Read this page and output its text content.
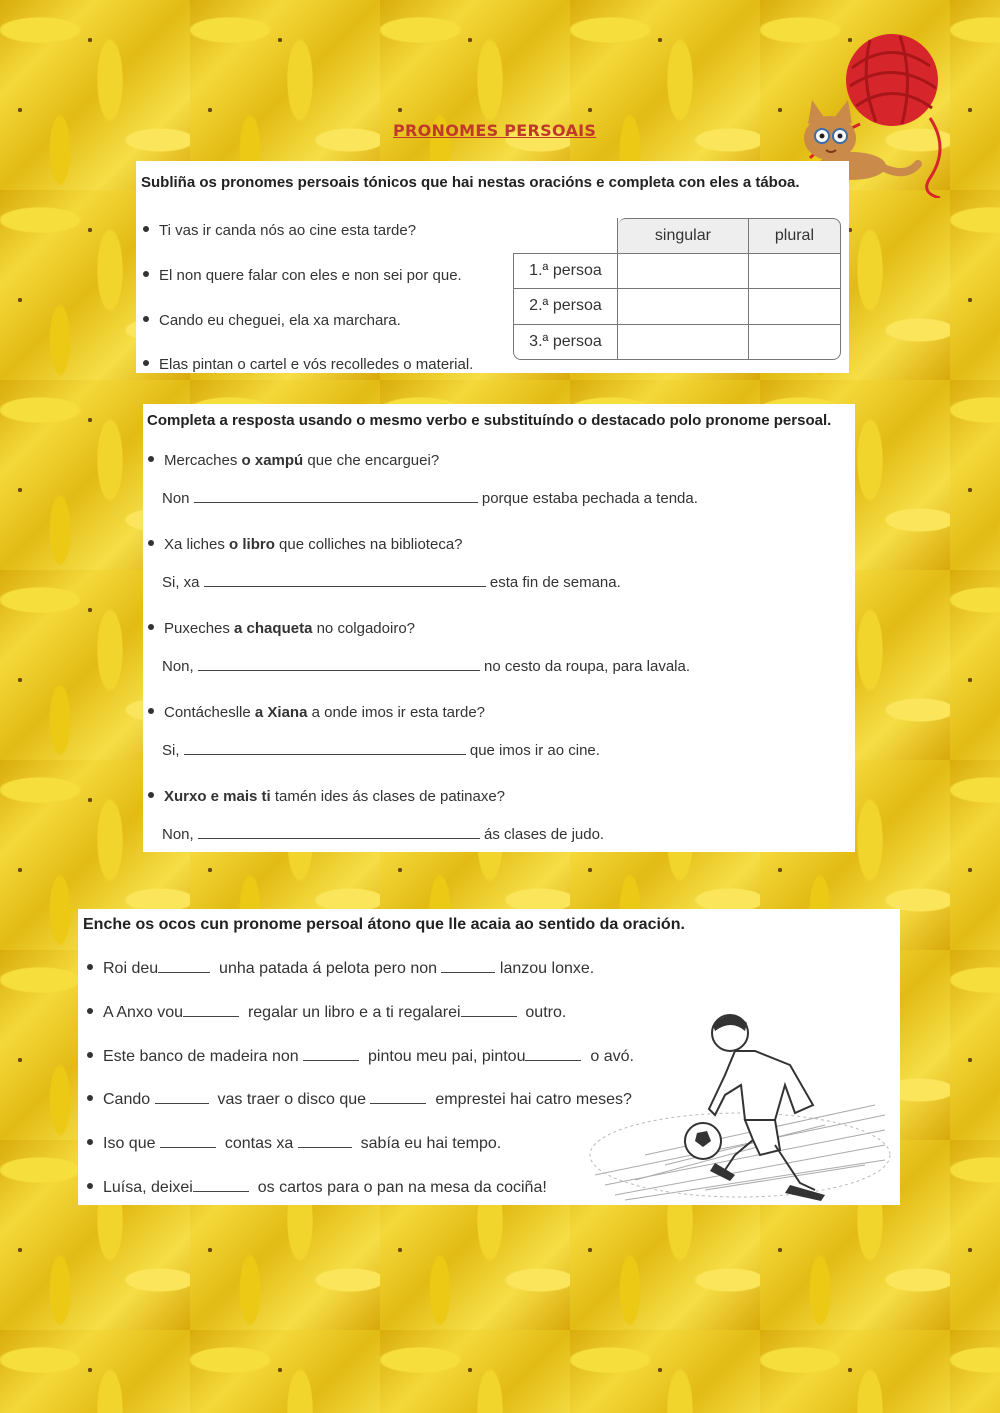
PRONOMES PERSOAIS
Subliña os pronomes persoais tónicos que hai nestas oracións e completa con eles a táboa.
Ti vas ir canda nós ao cine esta tarde?
El non quere falar con eles e non sei por que.
Cando eu cheguei, ela xa marchara.
Elas pintan o cartel e vós recolledes o material.
	singular	plural
1.ª persoa		
2.ª persoa		
3.ª persoa		
Completa a resposta usando o mesmo verbo e substituíndo o destacado polo pronome persoal.
Mercaches o xampú que che encarguei?
Non	porque estaba pechada a tenda.
Xa liches o libro que colliches na biblioteca?
Si, xa	esta fin de semana.
Puxeches a chaqueta no colgadoiro?
Non,	no cesto da roupa, para lavala.
Contácheslle a Xiana a onde imos ir esta tarde?
Si,	que imos ir ao cine.
Xurxo e mais ti tamén ides ás clases de patinaxe?
Non,	ás clases de judo.
Enche os ocos cun pronome persoal átono que lle acaia ao sentido da oración.
Roi deu	unha patada á pelota pero non	lanzou lonxe.
A Anxo vou	regalar un libro e a ti regalarei	outro.
Este banco de madeira non	pintou meu pai, pintou	o avó.
Cando	vas traer o disco que	emprestei hai catro meses?
Iso que	contas xa	sabía eu hai tempo.
Luísa, deixei	os cartos para o pan na mesa da cociña!
